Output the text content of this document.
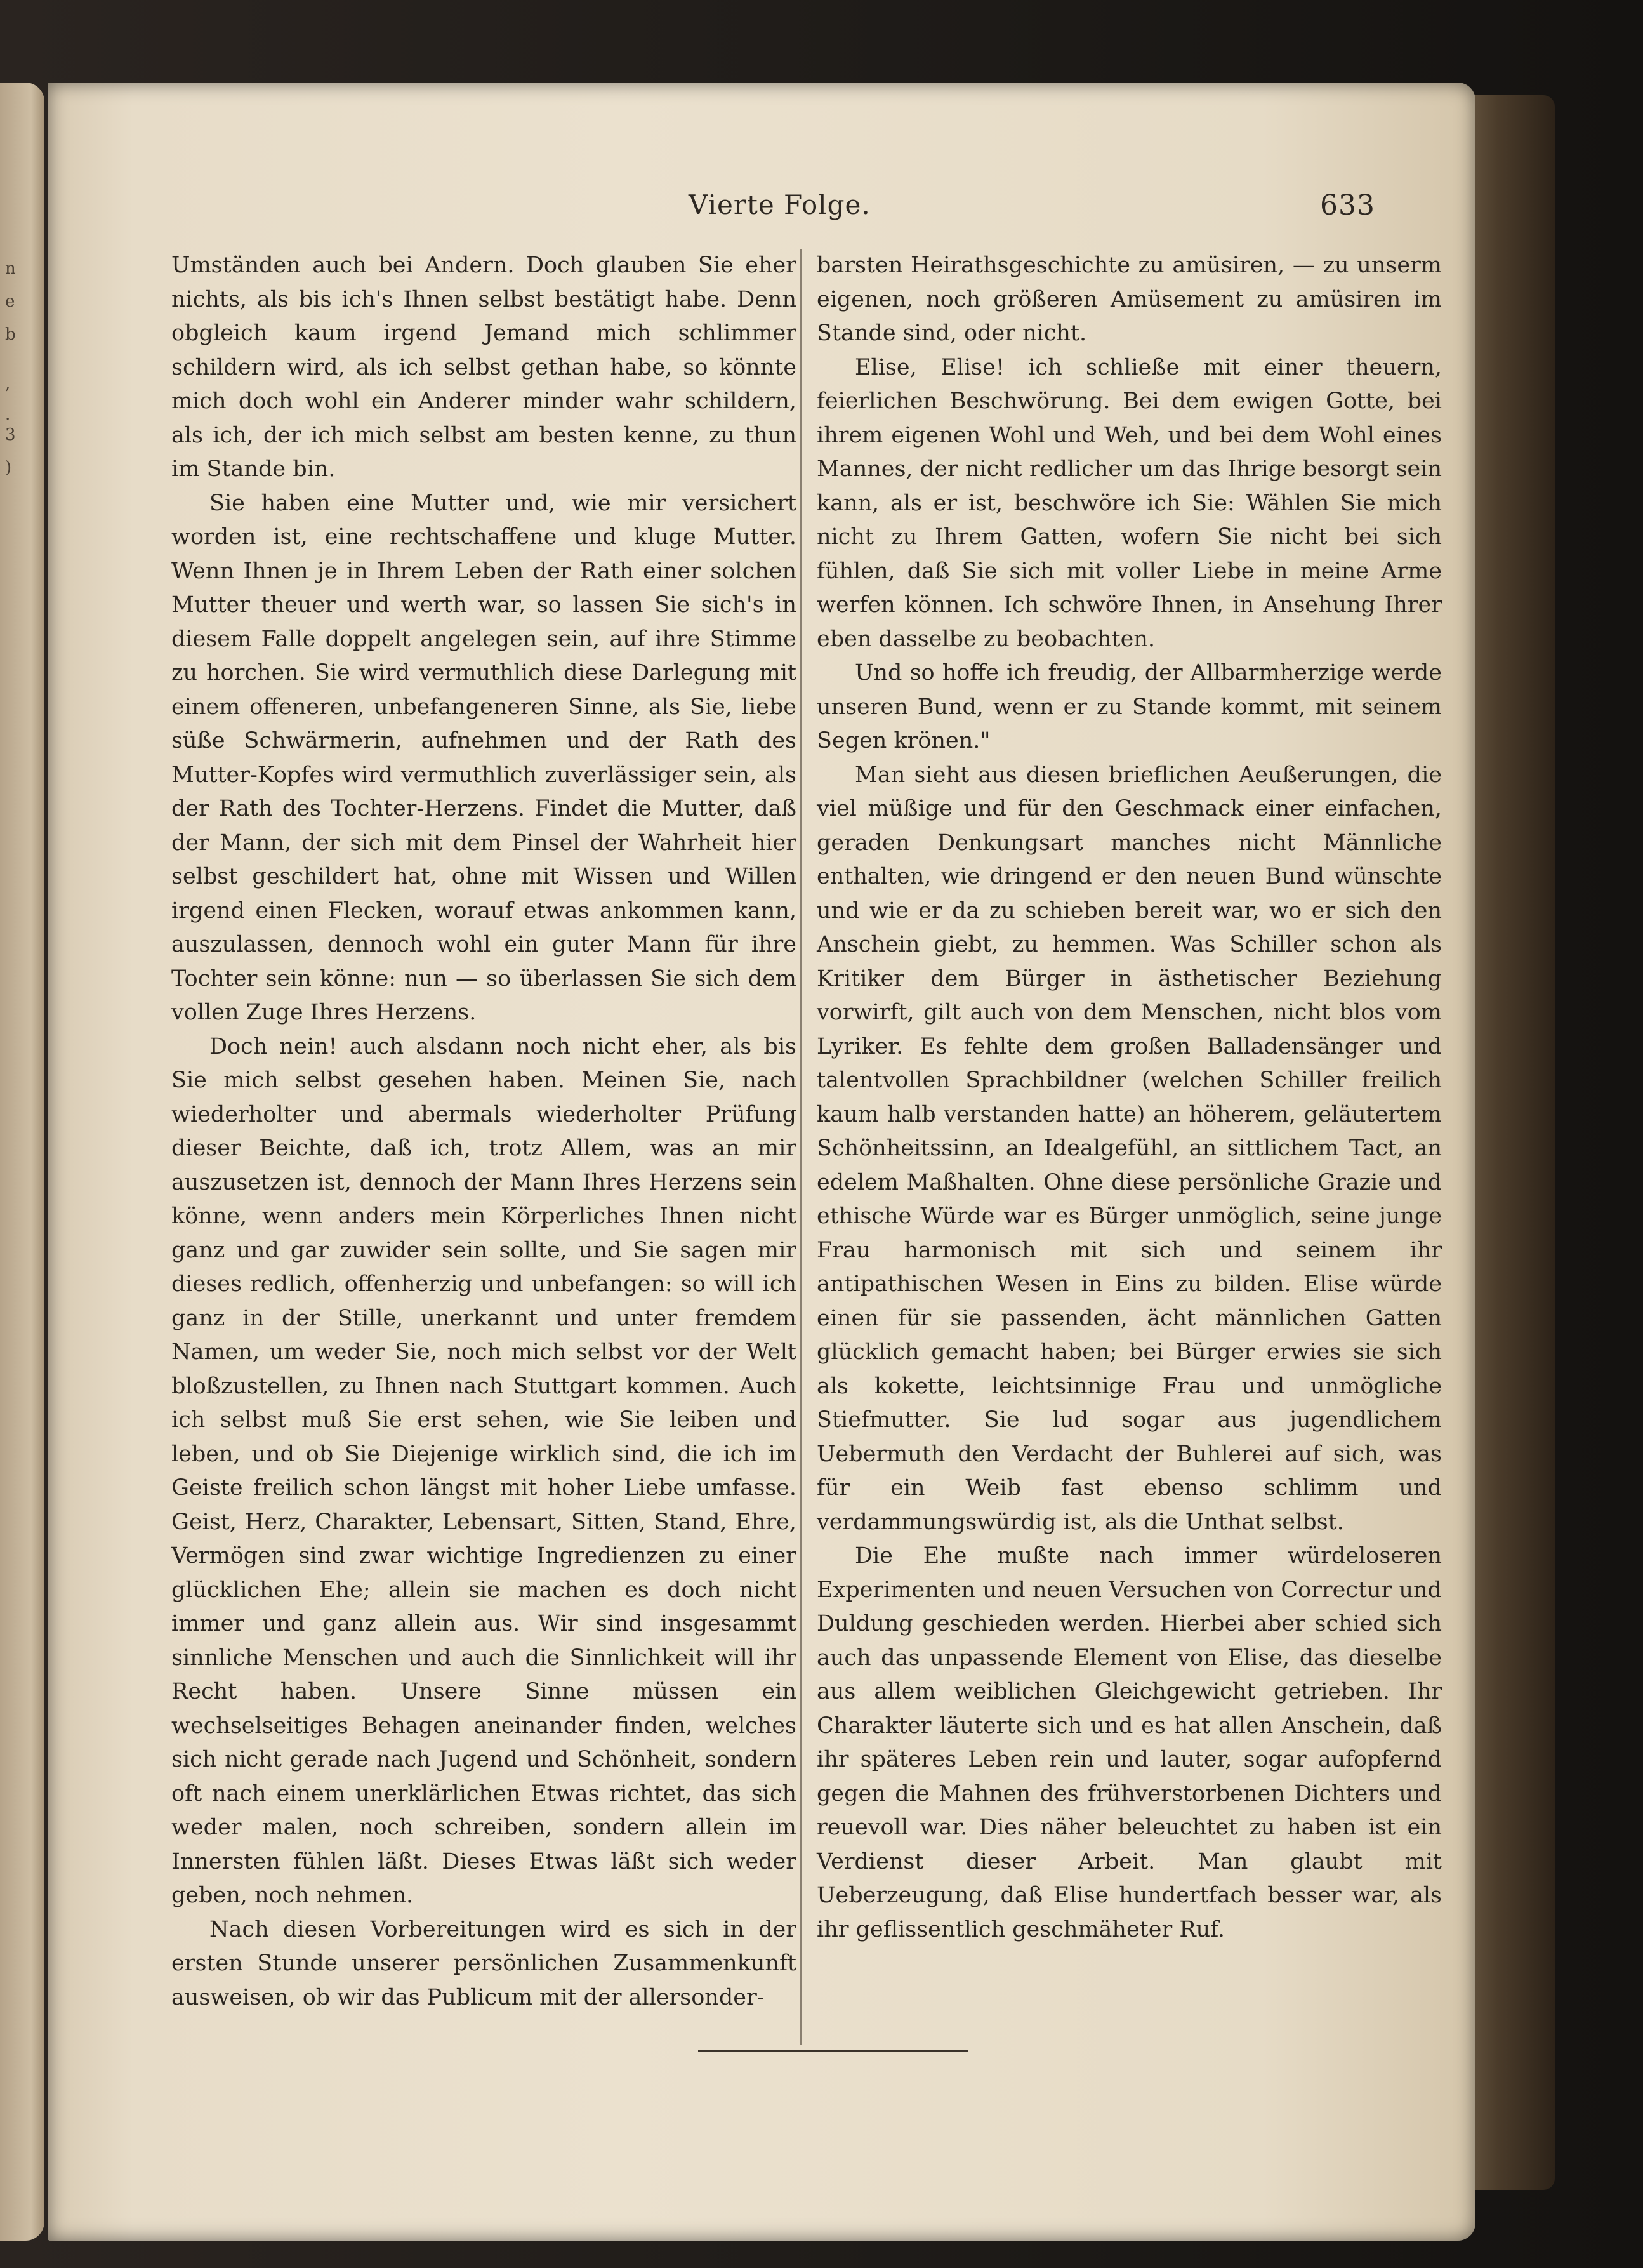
n
e
b
,
.
3
)
Vierte Folge.	633

Umständen auch bei Andern. Doch glauben Sie eher nichts, als bis ich's Ihnen selbst bestätigt habe. Denn obgleich kaum irgend Jemand mich schlimmer schildern wird, als ich selbst gethan habe, so könnte mich doch wohl ein Anderer minder wahr schildern, als ich, der ich mich selbst am besten kenne, zu thun im Stande bin.

Sie haben eine Mutter und, wie mir versichert worden ist, eine rechtschaffene und kluge Mutter. Wenn Ihnen je in Ihrem Leben der Rath einer solchen Mutter theuer und werth war, so lassen Sie sich's in diesem Falle doppelt angelegen sein, auf ihre Stimme zu horchen. Sie wird vermuthlich diese Darlegung mit einem offeneren, unbefangeneren Sinne, als Sie, liebe süße Schwärmerin, aufnehmen und der Rath des Mutter-Kopfes wird vermuthlich zuverlässiger sein, als der Rath des Tochter-Herzens. Findet die Mutter, daß der Mann, der sich mit dem Pinsel der Wahrheit hier selbst geschildert hat, ohne mit Wissen und Willen irgend einen Flecken, worauf etwas ankommen kann, auszulassen, dennoch wohl ein guter Mann für ihre Tochter sein könne: nun — so überlassen Sie sich dem vollen Zuge Ihres Herzens.

Doch nein! auch alsdann noch nicht eher, als bis Sie mich selbst gesehen haben. Meinen Sie, nach wiederholter und abermals wiederholter Prüfung dieser Beichte, daß ich, trotz Allem, was an mir auszusetzen ist, dennoch der Mann Ihres Herzens sein könne, wenn anders mein Körperliches Ihnen nicht ganz und gar zuwider sein sollte, und Sie sagen mir dieses redlich, offenherzig und unbefangen: so will ich ganz in der Stille, unerkannt und unter fremdem Namen, um weder Sie, noch mich selbst vor der Welt bloßzustellen, zu Ihnen nach Stuttgart kommen. Auch ich selbst muß Sie erst sehen, wie Sie leiben und leben, und ob Sie Diejenige wirklich sind, die ich im Geiste freilich schon längst mit hoher Liebe umfasse. Geist, Herz, Charakter, Lebensart, Sitten, Stand, Ehre, Vermögen sind zwar wichtige Ingredienzen zu einer glücklichen Ehe; allein sie machen es doch nicht immer und ganz allein aus. Wir sind insgesammt sinnliche Menschen und auch die Sinnlichkeit will ihr Recht haben. Unsere Sinne müssen ein wechselseitiges Behagen aneinander finden, welches sich nicht gerade nach Jugend und Schönheit, sondern oft nach einem unerklärlichen Etwas richtet, das sich weder malen, noch schreiben, sondern allein im Innersten fühlen läßt. Dieses Etwas läßt sich weder geben, noch nehmen.

Nach diesen Vorbereitungen wird es sich in der ersten Stunde unserer persönlichen Zusammenkunft ausweisen, ob wir das Publicum mit der allersonder-

barsten Heirathsgeschichte zu amüsiren, — zu unserm eigenen, noch größeren Amüsement zu amüsiren im Stande sind, oder nicht.

Elise, Elise! ich schließe mit einer theuern, feierlichen Beschwörung. Bei dem ewigen Gotte, bei ihrem eigenen Wohl und Weh, und bei dem Wohl eines Mannes, der nicht redlicher um das Ihrige besorgt sein kann, als er ist, beschwöre ich Sie: Wählen Sie mich nicht zu Ihrem Gatten, wofern Sie nicht bei sich fühlen, daß Sie sich mit voller Liebe in meine Arme werfen können. Ich schwöre Ihnen, in Ansehung Ihrer eben dasselbe zu beobachten.

Und so hoffe ich freudig, der Allbarmherzige werde unseren Bund, wenn er zu Stande kommt, mit seinem Segen krönen."

Man sieht aus diesen brieflichen Aeußerungen, die viel müßige und für den Geschmack einer einfachen, geraden Denkungsart manches nicht Männliche enthalten, wie dringend er den neuen Bund wünschte und wie er da zu schieben bereit war, wo er sich den Anschein giebt, zu hemmen. Was Schiller schon als Kritiker dem Bürger in ästhetischer Beziehung vorwirft, gilt auch von dem Menschen, nicht blos vom Lyriker. Es fehlte dem großen Balladensänger und talentvollen Sprachbildner (welchen Schiller freilich kaum halb verstanden hatte) an höherem, geläutertem Schönheitssinn, an Idealgefühl, an sittlichem Tact, an edelem Maßhalten. Ohne diese persönliche Grazie und ethische Würde war es Bürger unmöglich, seine junge Frau harmonisch mit sich und seinem ihr antipathischen Wesen in Eins zu bilden. Elise würde einen für sie passenden, ächt männlichen Gatten glücklich gemacht haben; bei Bürger erwies sie sich als kokette, leichtsinnige Frau und unmögliche Stiefmutter. Sie lud sogar aus jugendlichem Uebermuth den Verdacht der Buhlerei auf sich, was für ein Weib fast ebenso schlimm und verdammungswürdig ist, als die Unthat selbst.

Die Ehe mußte nach immer würdeloseren Experimenten und neuen Versuchen von Correctur und Duldung geschieden werden. Hierbei aber schied sich auch das unpassende Element von Elise, das dieselbe aus allem weiblichen Gleichgewicht getrieben. Ihr Charakter läuterte sich und es hat allen Anschein, daß ihr späteres Leben rein und lauter, sogar aufopfernd gegen die Mahnen des frühverstorbenen Dichters und reuevoll war. Dies näher beleuchtet zu haben ist ein Verdienst dieser Arbeit. Man glaubt mit Ueberzeugung, daß Elise hundertfach besser war, als ihr geflissentlich geschmäheter Ruf.
